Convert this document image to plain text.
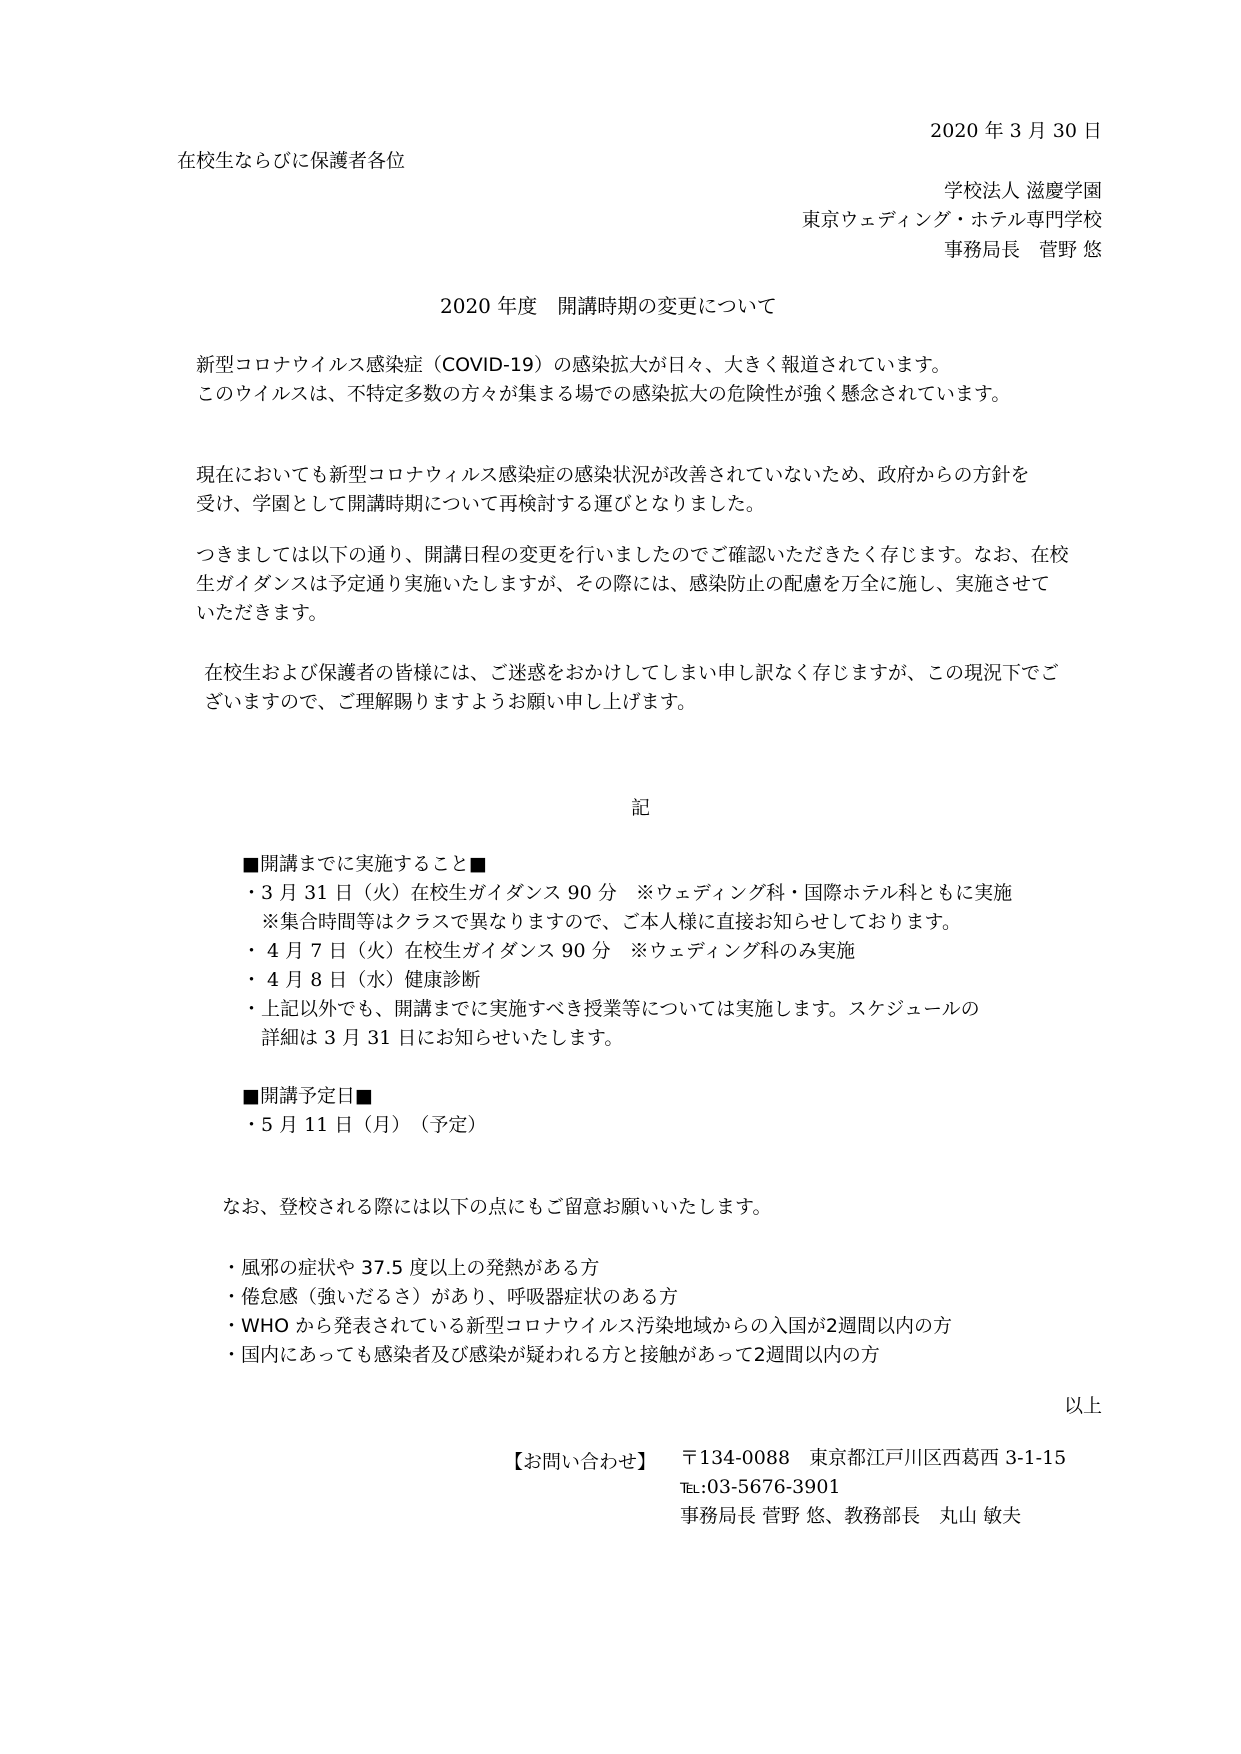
2020 年 3 月 30 日
在校生ならびに保護者各位
学校法人 滋慶学園
東京ウェディング・ホテル専門学校
事務局長　菅野 悠
2020 年度　開講時期の変更について
新型コロナウイルス感染症（COVID-19）の感染拡大が日々、大きく報道されています。
このウイルスは、不特定多数の方々が集まる場での感染拡大の危険性が強く懸念されています。
現在においても新型コロナウィルス感染症の感染状況が改善されていないため、政府からの方針を
受け、学園として開講時期について再検討する運びとなりました。
つきましては以下の通り、開講日程の変更を行いましたのでご確認いただきたく存じます。なお、在校
生ガイダンスは予定通り実施いたしますが、その際には、感染防止の配慮を万全に施し、実施させて
いただきます。
在校生および保護者の皆様には、ご迷惑をおかけしてしまい申し訳なく存じますが、この現況下でご
ざいますので、ご理解賜りますようお願い申し上げます。
記
■開講までに実施すること■
・3 月 31 日（火）在校生ガイダンス 90 分　※ウェディング科・国際ホテル科ともに実施
　※集合時間等はクラスで異なりますので、ご本人様に直接お知らせしております。
・ 4 月 7 日（火）在校生ガイダンス 90 分　※ウェディング科のみ実施
・ 4 月 8 日（水）健康診断
・上記以外でも、開講までに実施すべき授業等については実施します。スケジュールの
　詳細は 3 月 31 日にお知らせいたします。
■開講予定日■
・5 月 11 日（月）　（予定）
なお、登校される際には以下の点にもご留意お願いいたします。
・風邪の症状や 37.5 度以上の発熱がある方
・倦怠感（強いだるさ）があり、呼吸器症状のある方
・WHO から発表されている新型コロナウイルス汚染地域からの入国が2週間以内の方
・国内にあっても感染者及び感染が疑われる方と接触があって2週間以内の方
以上
【お問い合わせ】 〒134-0088　東京都江戸川区西葛西 3-1-15
℡:03-5676-3901
事務局長 菅野 悠、教務部長　丸山 敏夫
